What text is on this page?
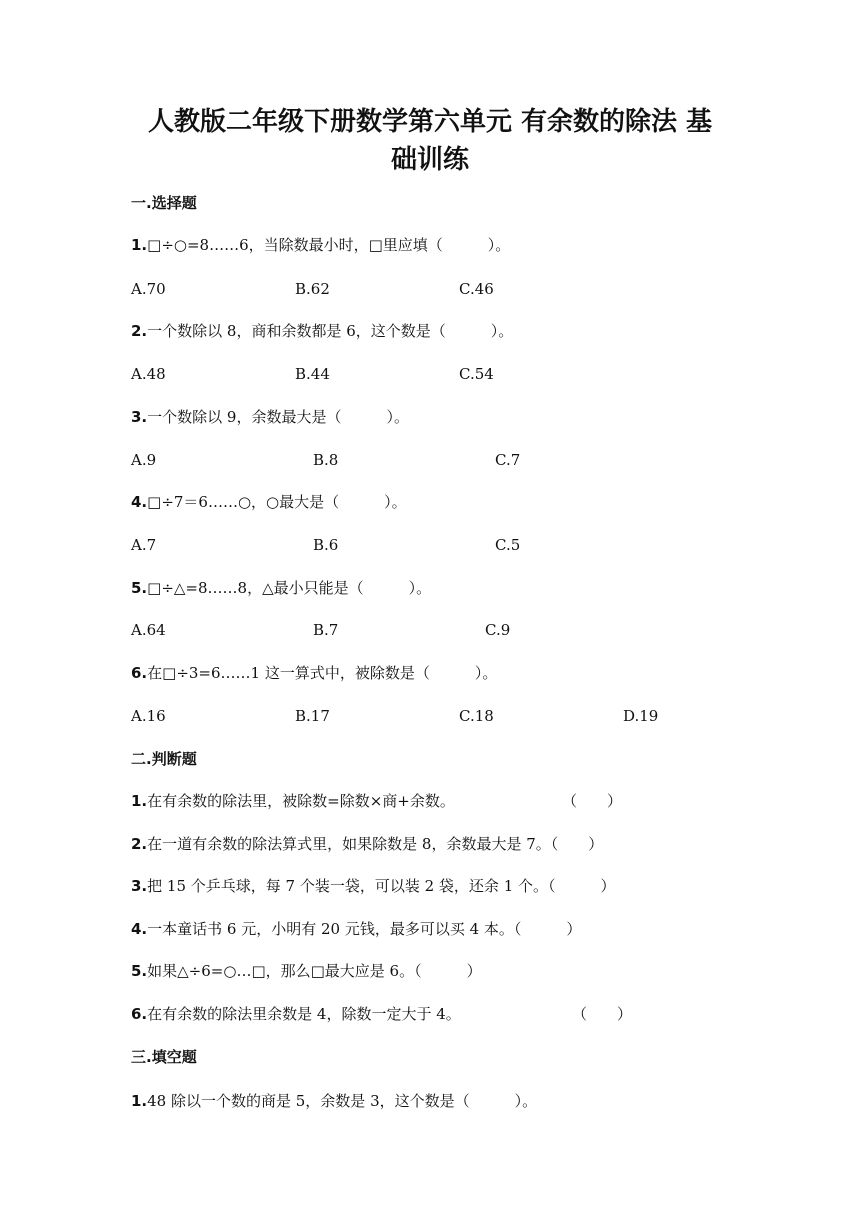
人教版二年级下册数学第六单元 有余数的除法 基
础训练
一.选择题
1.□÷○=8……6，当除数最小时，□里应填（　　　）。
A.70	B.62	C.46
2.一个数除以 8，商和余数都是 6，这个数是（　　　）。
A.48	B.44	C.54
3.一个数除以 9，余数最大是（　　　）。
A.9	B.8	C.7
4.□÷7＝6……○，○最大是（　　　）。
A.7	B.6	C.5
5.□÷△=8……8，△最小只能是（　　　）。
A.64	B.7	C.9
6.在□÷3=6……1 这一算式中，被除数是（　　　）。
A.16	B.17	C.18	D.19
二.判断题
1.在有余数的除法里，被除数=除数×商+余数。	（　　）
2.在一道有余数的除法算式里，如果除数是 8，余数最大是 7。（　　）
3.把 15 个乒乓球，每 7 个装一袋，可以装 2 袋，还余 1 个。（　　　）
4.一本童话书 6 元，小明有 20 元钱，最多可以买 4 本。（　　　）
5.如果△÷6=○…□，那么□最大应是 6。（　　　）
6.在有余数的除法里余数是 4，除数一定大于 4。	（　　）
三.填空题
1.48 除以一个数的商是 5，余数是 3，这个数是（　　　）。
